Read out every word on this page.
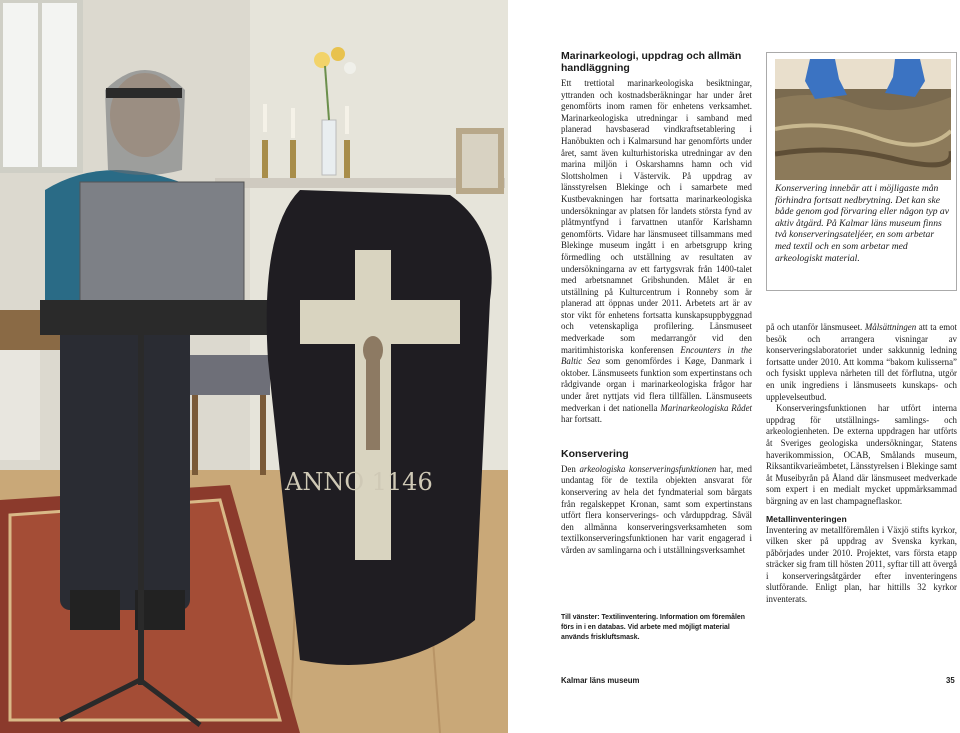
ANNO 1146
Marinarkeologi, uppdrag och allmän handläggning

Ett trettiotal marinarkeologiska besiktningar, yttranden och kostnadsberäkningar har under året genomförts inom ramen för enhetens verksamhet. Marinarkeologiska utredningar i samband med planerad havsbaserad vindkraftsetablering i Hanöbukten och i Kalmarsund har genomförts under året, samt även kulturhistoriska utredningar av den marina miljön i Oskarshamns hamn och vid Slottsholmen i Västervik. På uppdrag av länsstyrelsen Blekinge och i samarbete med Kustbevakningen har fortsatta marinarkeologiska undersökningar av platsen för landets största fynd av plåtmyntfynd i farvattnen utanför Karlshamn genomförts. Vidare har länsmuseet tillsammans med Blekinge museum ingått i en arbetsgrupp kring förmedling och utställning av resultaten av undersökningarna av ett fartygsvrak från 1400-talet med arbetsnamnet Gribshunden. Målet är en utställning på Kulturcentrum i Ronneby som är planerad att öppnas under 2011. Arbetets art är av stor vikt för enhetens fortsatta kunskapsuppbyggnad och vetenskapliga profilering. Länsmuseet medverkade som medarrangör vid den maritimhistoriska konferensen Encounters in the Baltic Sea som genomfördes i Køge, Danmark i oktober. Länsmuseets funktion som expertinstans och rådgivande organ i marinarkeologiska frågor har under året nyttjats vid flera tillfällen. Länsmuseets medverkan i det nationella Marinarkeologiska Rådet har fortsatt.

Konservering

Den arkeologiska konserveringsfunktionen har, med undantag för de textila objekten ansvarat för konservering av hela det fyndmaterial som bärgats från regalskeppet Kronan, samt som expertinstans utfört flera konserverings- och vårduppdrag. Såväl den allmänna konserveringsverksamheten som textilkonserveringsfunktionen har varit engagerad i vården av samlingarna och i utställningsverksamhet

Till vänster: Textilinventering. Information om föremålen förs in i en databas. Vid arbete med möjligt material används friskluftsmask.
Konservering innebär att i möjligaste mån förhindra fortsatt nedbrytning. Det kan ske både genom god förvaring eller någon typ av aktiv åtgärd. På Kalmar läns museum finns två konserveringsateljéer, en som arbetar med textil och en som arbetar med arkeologiskt material.

på och utanför länsmuseet. Målsättningen att ta emot besök och arrangera visningar av konserveringslaboratoriet under sakkunnig ledning fortsatte under 2010. Att komma “bakom kulisserna” och fysiskt uppleva närheten till det förflutna, utgör en unik ingrediens i länsmuseets kunskaps- och upplevelseutbud.

Konserveringsfunktionen har utfört interna uppdrag för utställnings- samlings- och arkeologienheten. De externa uppdragen har utförts åt Sveriges geologiska undersökningar, Statens haverikommission, OCAB, Smålands museum, Riksantikvarieämbetet, Länsstyrelsen i Blekinge samt åt Museibyrån på Åland där länsmuseet medverkade som expert i en medialt mycket uppmärksammad bärgning av en last champagneflaskor.

Metallinventeringen

Inventering av metallföremålen i Växjö stifts kyrkor, vilken sker på uppdrag av Svenska kyrkan, påbörjades under 2010. Projektet, vars första etapp sträcker sig fram till hösten 2011, syftar till att övergå i konserveringsåtgärder efter inventeringens slutförande. Enligt plan, har hittills 32 kyrkor inventerats.

Kalmar läns museum	35
